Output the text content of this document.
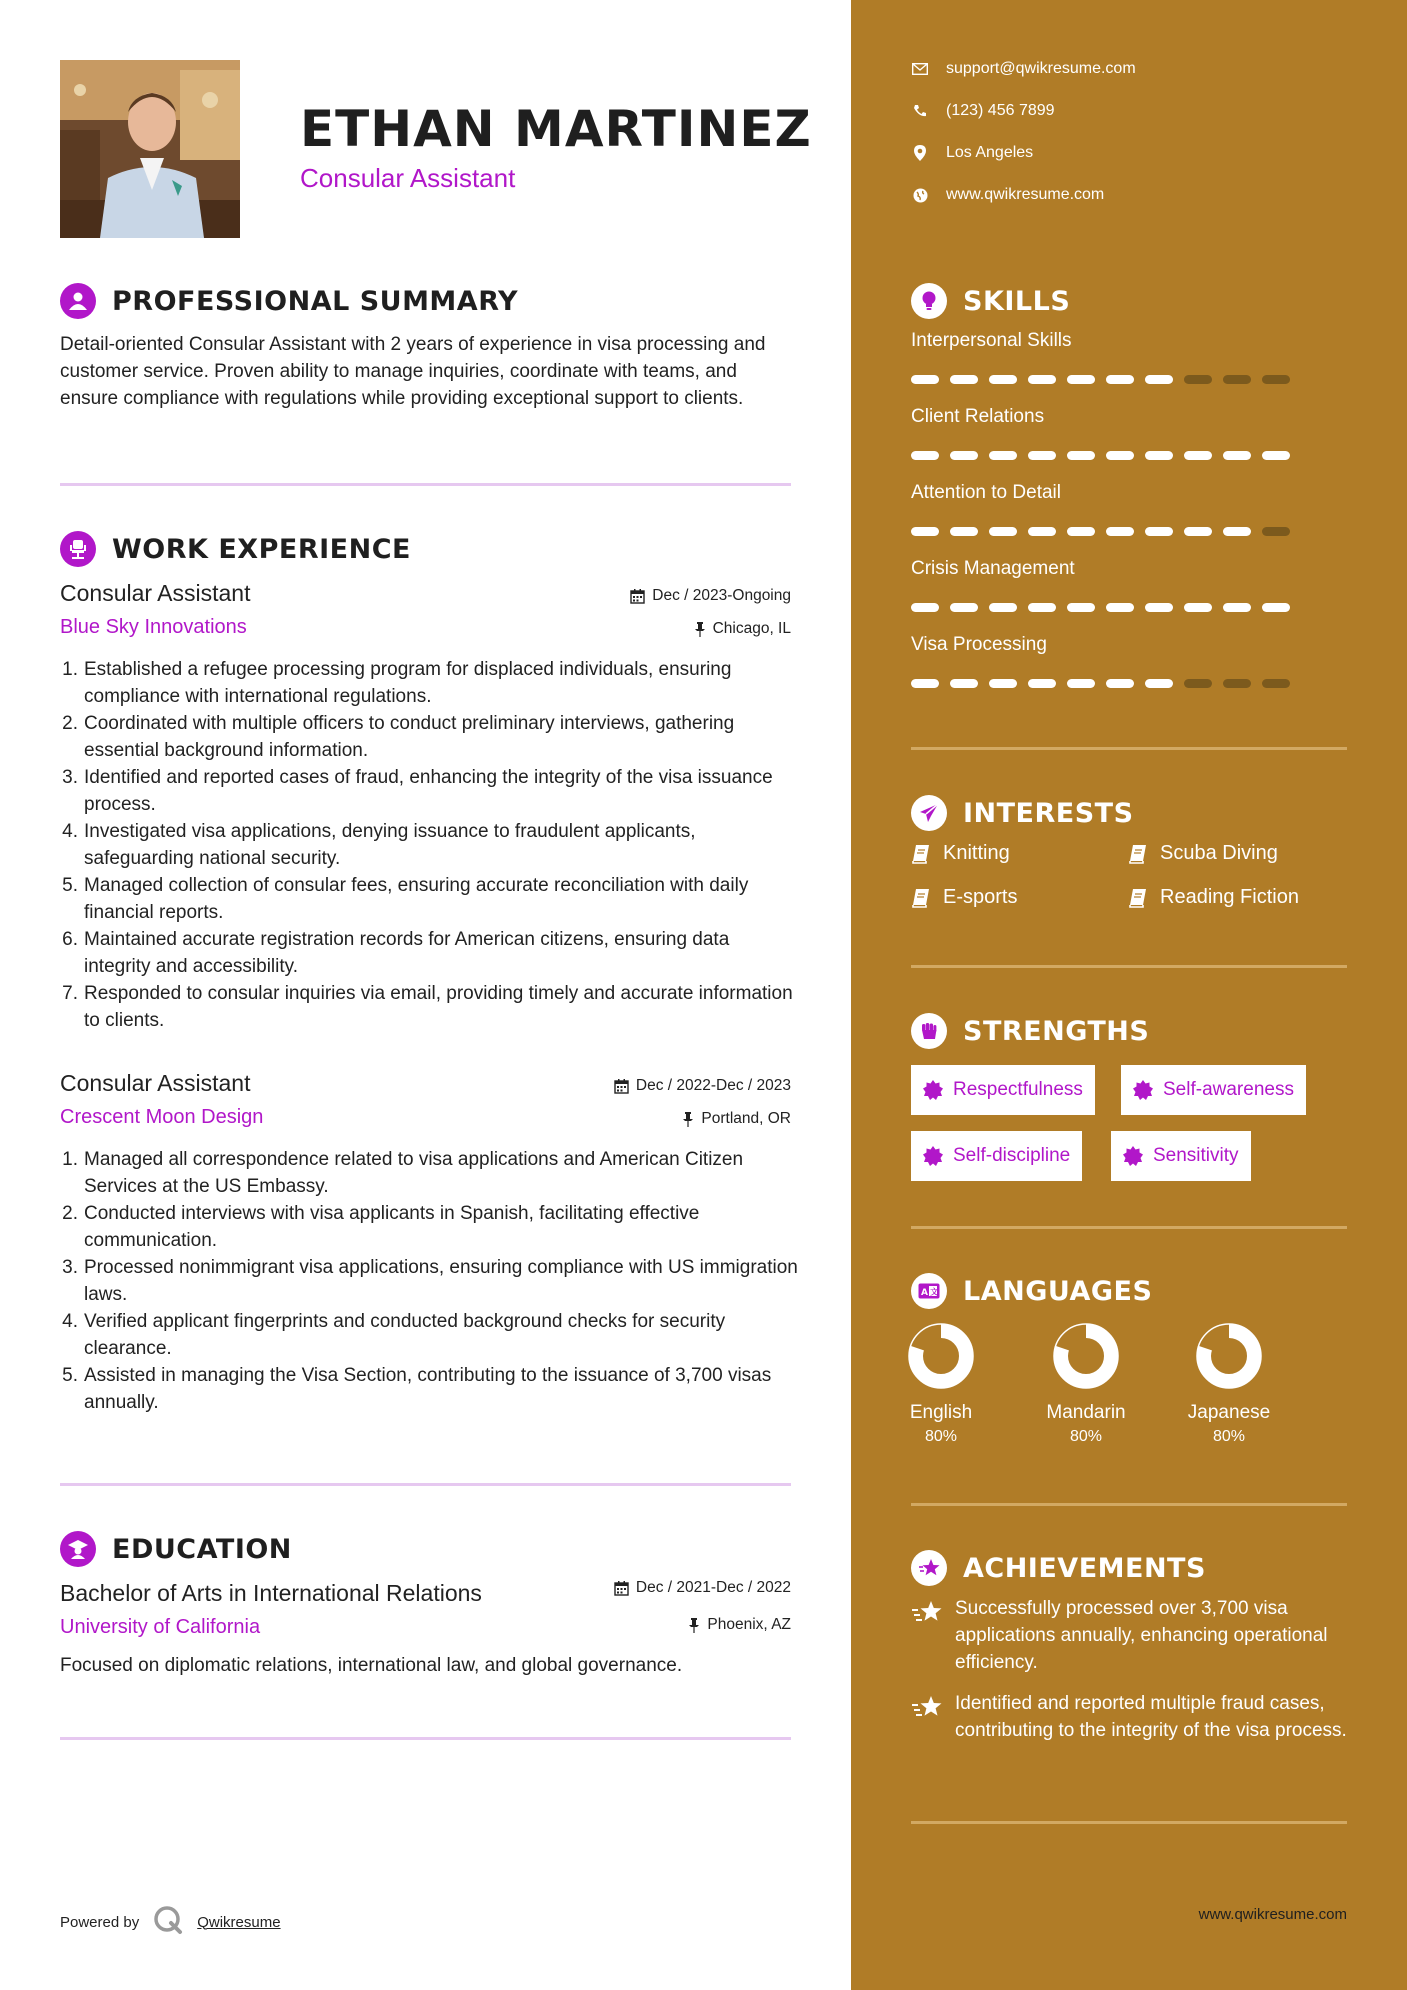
ETHAN MARTINEZ
Consular Assistant
PROFESSIONAL SUMMARY
Detail-oriented Consular Assistant with 2 years of experience in visa processing and customer service. Proven ability to manage inquiries, coordinate with teams, and ensure compliance with regulations while providing exceptional support to clients.
WORK EXPERIENCE
Consular Assistant
Blue Sky Innovations
Dec / 2023-Ongoing
Chicago, IL
1. Established a refugee processing program for displaced individuals, ensuring compliance with international regulations.
2. Coordinated with multiple officers to conduct preliminary interviews, gathering essential background information.
3. Identified and reported cases of fraud, enhancing the integrity of the visa issuance process.
4. Investigated visa applications, denying issuance to fraudulent applicants, safeguarding national security.
5. Managed collection of consular fees, ensuring accurate reconciliation with daily financial reports.
6. Maintained accurate registration records for American citizens, ensuring data integrity and accessibility.
7. Responded to consular inquiries via email, providing timely and accurate information to clients.
Consular Assistant
Crescent Moon Design
Dec / 2022-Dec / 2023
Portland, OR
1. Managed all correspondence related to visa applications and American Citizen Services at the US Embassy.
2. Conducted interviews with visa applicants in Spanish, facilitating effective communication.
3. Processed nonimmigrant visa applications, ensuring compliance with US immigration laws.
4. Verified applicant fingerprints and conducted background checks for security clearance.
5. Assisted in managing the Visa Section, contributing to the issuance of 3,700 visas annually.
EDUCATION
Bachelor of Arts in International Relations
University of California
Dec / 2021-Dec / 2022
Phoenix, AZ
Focused on diplomatic relations, international law, and global governance.
Powered by	Qwikresume
support@qwikresume.com
(123) 456 7899
Los Angeles
www.qwikresume.com
SKILLS
Interpersonal Skills
Client Relations
Attention to Detail
Crisis Management
Visa Processing
INTERESTS
Knitting	Scuba Diving
E-sports	Reading Fiction
STRENGTHS
Respectfulness	Self-awareness
Self-discipline	Sensitivity
A 文 LANGUAGES
English
80%
Mandarin
80%
Japanese
80%
ACHIEVEMENTS
Successfully processed over 3,700 visa applications annually, enhancing operational efficiency.
Identified and reported multiple fraud cases, contributing to the integrity of the visa process.
www.qwikresume.com
